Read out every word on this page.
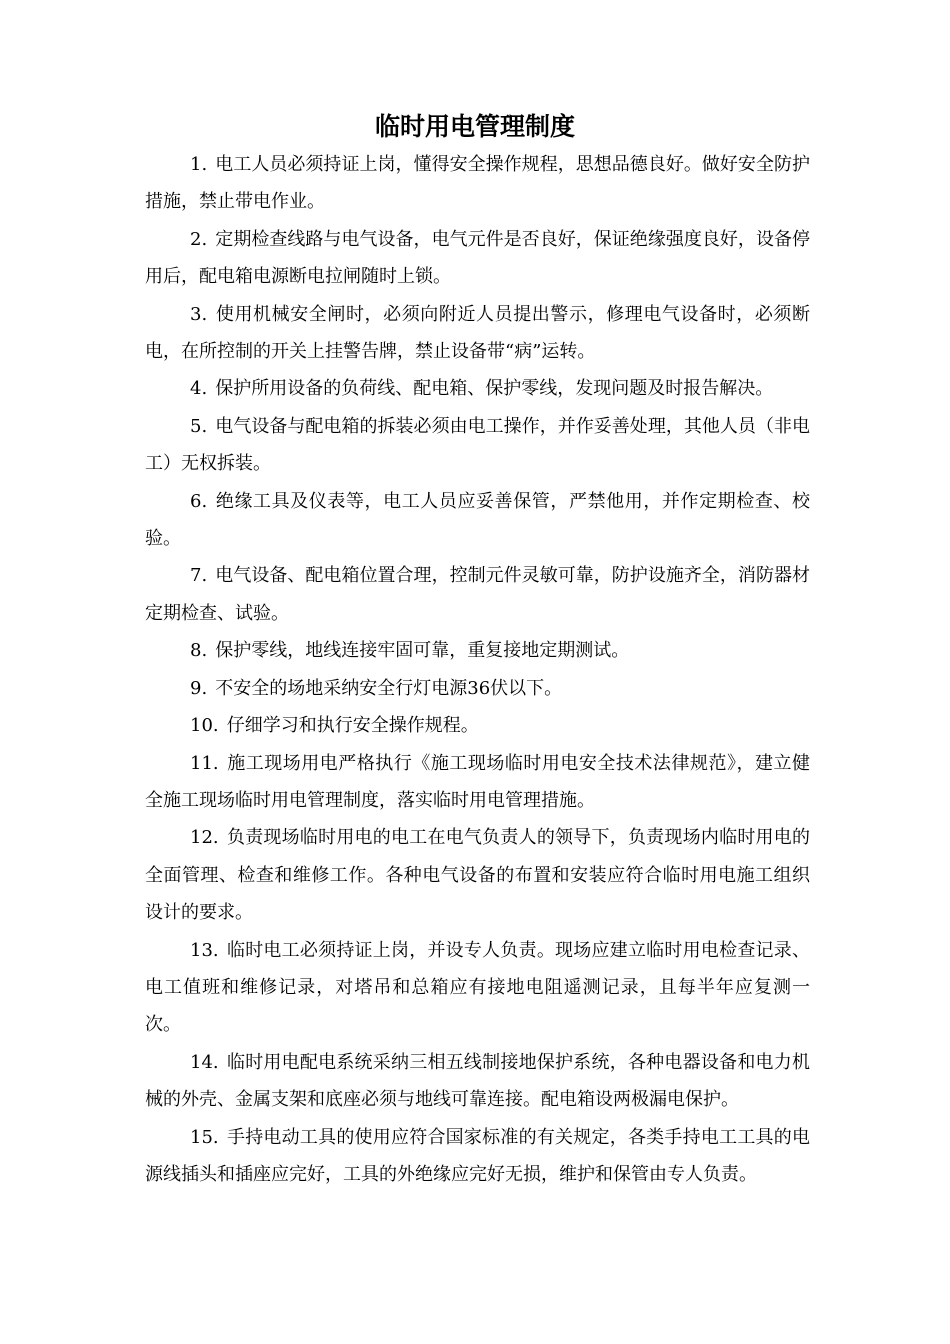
临时用电管理制度

1. 电工人员必须持证上岗，懂得安全操作规程，思想品德良好。做好安全防护措施，禁止带电作业。

2. 定期检查线路与电气设备，电气元件是否良好，保证绝缘强度良好，设备停用后，配电箱电源断电拉闸随时上锁。

3. 使用机械安全闸时，必须向附近人员提出警示，修理电气设备时，必须断电，在所控制的开关上挂警告牌，禁止设备带“病”运转。

4. 保护所用设备的负荷线、配电箱、保护零线，发现问题及时报告解决。

5. 电气设备与配电箱的拆装必须由电工操作，并作妥善处理，其他人员（非电工）无权拆装。

6. 绝缘工具及仪表等，电工人员应妥善保管，严禁他用，并作定期检查、校验。

7. 电气设备、配电箱位置合理，控制元件灵敏可靠，防护设施齐全，消防器材定期检查、试验。

8. 保护零线，地线连接牢固可靠，重复接地定期测试。

9. 不安全的场地采纳安全行灯电源36伏以下。

10. 仔细学习和执行安全操作规程。

11. 施工现场用电严格执行《施工现场临时用电安全技术法律规范》，建立健全施工现场临时用电管理制度，落实临时用电管理措施。

12. 负责现场临时用电的电工在电气负责人的领导下，负责现场内临时用电的全面管理、检查和维修工作。各种电气设备的布置和安装应符合临时用电施工组织设计的要求。

13. 临时电工必须持证上岗，并设专人负责。现场应建立临时用电检查记录、电工值班和维修记录，对塔吊和总箱应有接地电阻遥测记录，且每半年应复测一次。

14. 临时用电配电系统采纳三相五线制接地保护系统，各种电器设备和电力机械的外壳、金属支架和底座必须与地线可靠连接。配电箱设两极漏电保护。

15. 手持电动工具的使用应符合国家标准的有关规定，各类手持电工工具的电源线插头和插座应完好，工具的外绝缘应完好无损，维护和保管由专人负责。
